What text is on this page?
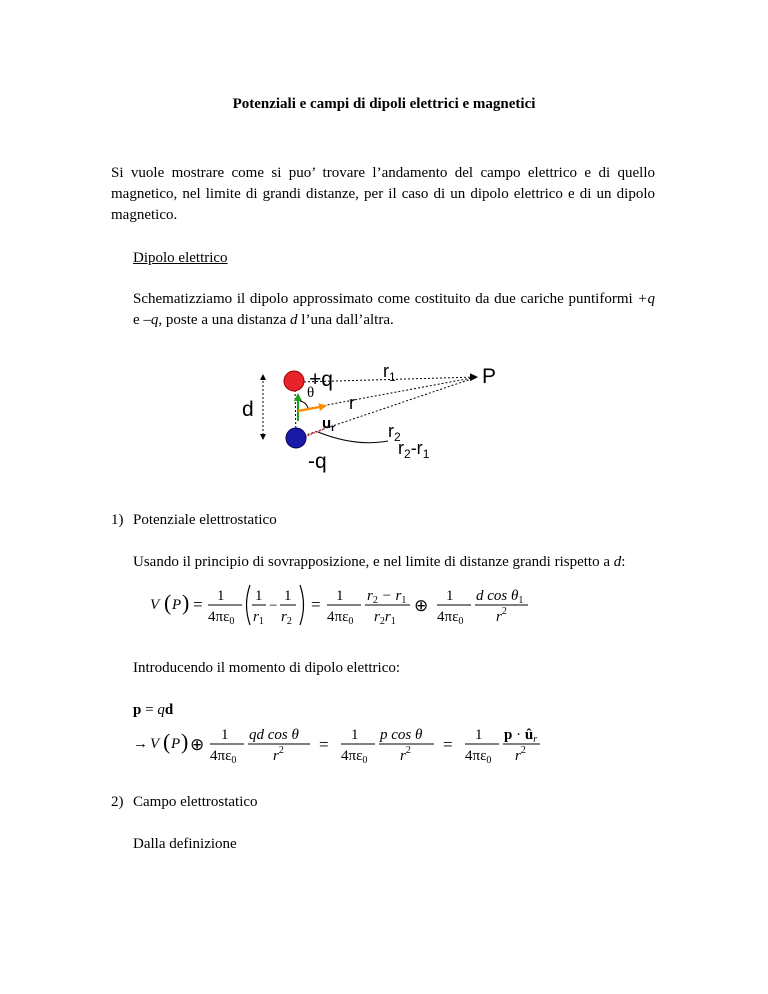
Potenziali e campi di dipoli elettrici e magnetici
Si vuole mostrare come si puo’ trovare l’andamento del campo elettrico e di quello
magnetico, nel limite di grandi distanze, per il caso di un dipolo elettrico e di un dipolo
magnetico.
Dipolo elettrico
Schematizziamo il dipolo approssimato come costituito da due cariche puntiformi +q
e –q, poste a una distanza d l’una dall’altra.
+q
-q
d
P
$r_1$
r
θ
$u_r$	$r_2$
$r_2-r_1$
1) Potenziale elettrostatico
Usando il principio di sovrapposizione, e nel limite di distanze grandi rispetto a d:
V ( P ) = 1
$4\pi\varepsilon_0$
1
$r_1$
−
1
$r_2$
= 1
$4\pi\varepsilon_0$
$r_2 - r_1$
$r_2r_1$
⊕ 1
$4\pi\varepsilon_0$
d $\cos \theta_1$
$r^2$
Introducendo il momento di dipolo elettrico:
p = qd
→ V ( P ) ⊕ 1
$4\pi\varepsilon_0$
qd cos θ
$r^2 = 1$
$4\pi\varepsilon_0$
p cos θ
$r^2 = 1$
$4\pi\varepsilon_0$
$p \cdot û_r$
$r^2$
2) Campo elettrostatico
Dalla definizione
